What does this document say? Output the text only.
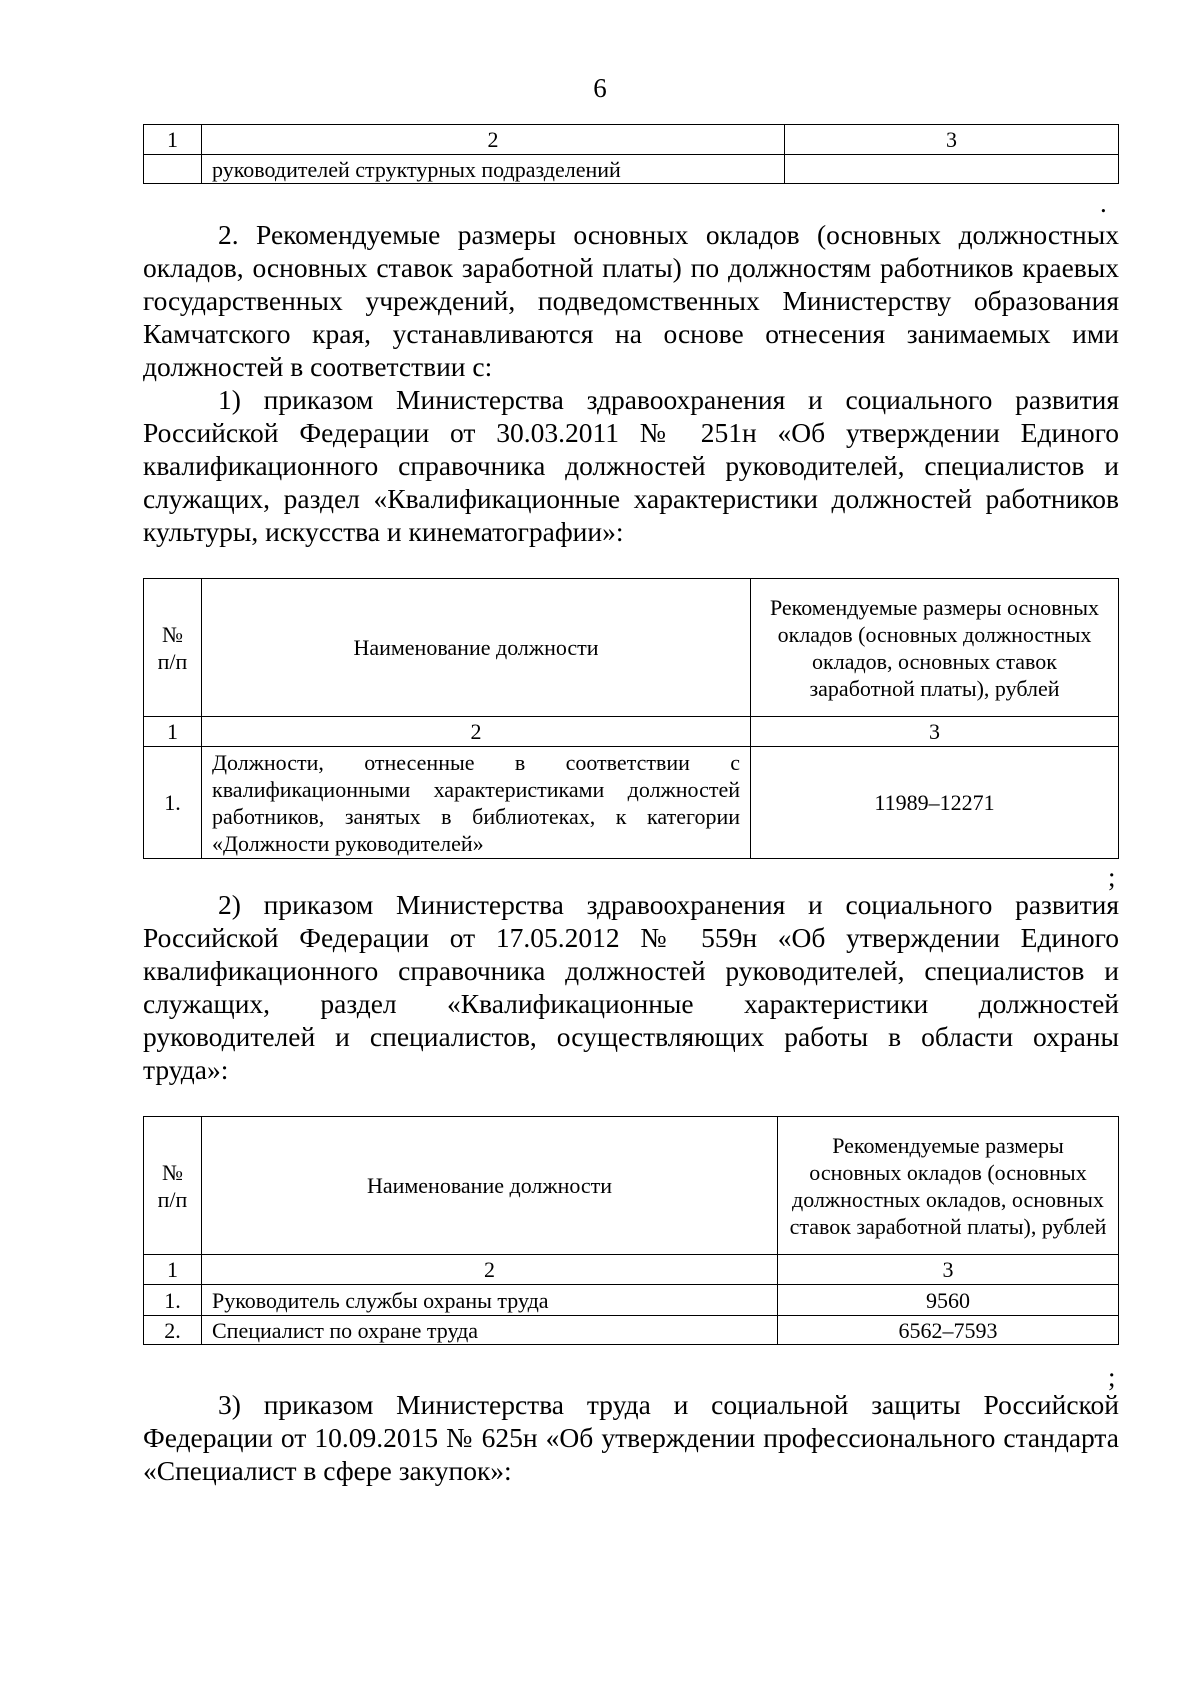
6
1	2	3
	руководителей структурных подразделений	
.

2. Рекомендуемые размеры основных окладов (основных должностных окладов, основных ставок заработной платы) по должностям работников краевых государственных учреждений, подведомственных Министерству образования Камчатского края, устанавливаются на основе отнесения занимаемых ими должностей в соответствии с:

1) приказом Министерства здравоохранения и социального развития Российской Федерации от 30.03.2011 № 251н «Об утверждении Единого квалификационного справочника должностей руководителей, специалистов и служащих, раздел «Квалификационные характеристики должностей работников культуры, искусства и кинематографии»:

№
п/п	Наименование должности	Рекомендуемые размеры основных окладов (основных должностных окладов, основных ставок заработной платы), рублей
1	2	3
1.	Должности, отнесенные в соответствии с квалификационными характеристиками должностей работников, занятых в библиотеках, к категории «Должности руководителей»	11989–12271
;

2) приказом Министерства здравоохранения и социального развития Российской Федерации от 17.05.2012 № 559н «Об утверждении Единого квалификационного справочника должностей руководителей, специалистов и служащих, раздел «Квалификационные характеристики должностей руководителей и специалистов, осуществляющих работы в области охраны труда»:

№
п/п	Наименование должности	Рекомендуемые размеры основных окладов (основных должностных окладов, основных ставок заработной платы), рублей
1	2	3
1.	Руководитель службы охраны труда	9560
2.	Специалист по охране труда	6562–7593
;

3) приказом Министерства труда и социальной защиты Российской Федерации от 10.09.2015 № 625н «Об утверждении профессионального стандарта «Специалист в сфере закупок»:
